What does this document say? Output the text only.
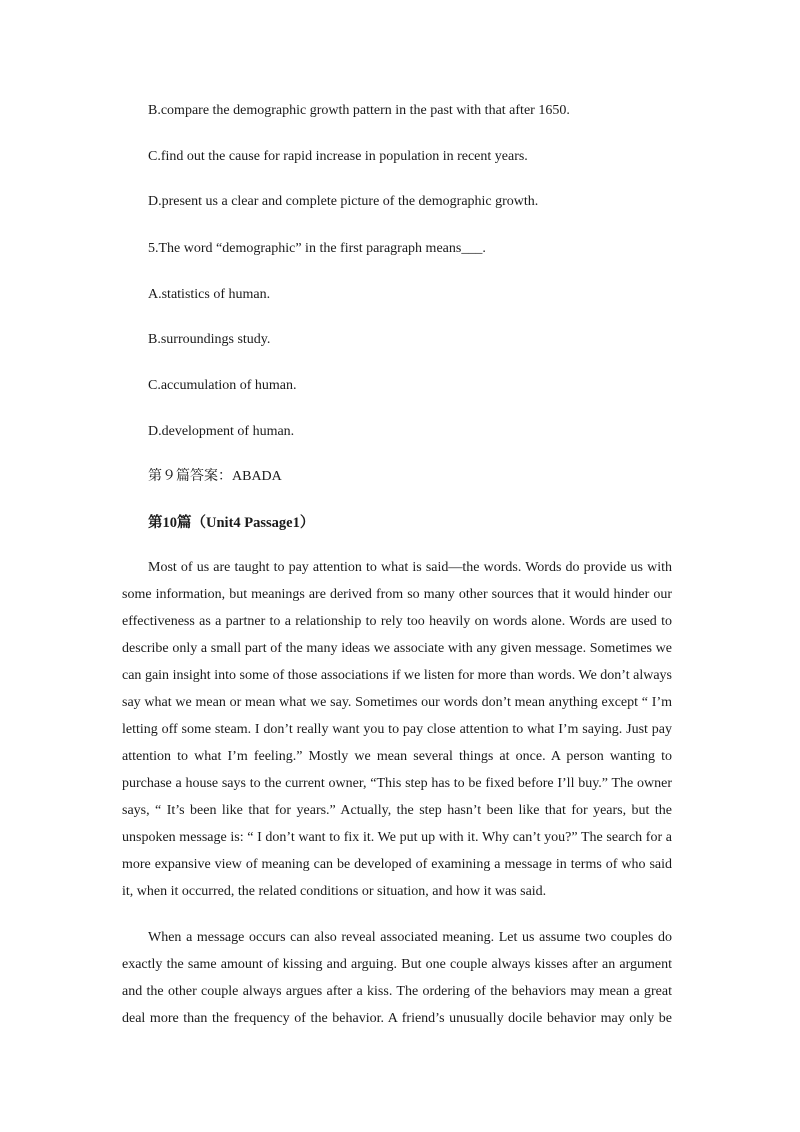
B.compare the demographic growth pattern in the past with that after 1650.
C.find out the cause for rapid increase in population in recent years.
D.present us a clear and complete picture of the demographic growth.
5.The word “demographic” in the first paragraph means___.
A.statistics of human.
B.surroundings study.
C.accumulation of human.
D.development of human.
第９篇答案：ABADA
第10篇（Unit4 Passage1）
Most of us are taught to pay attention to what is said—the words. Words do provide us with
some information, but meanings are derived from so many other sources that it would hinder our
effectiveness as a partner to a relationship to rely too heavily on words alone. Words are used to
describe only a small part of the many ideas we associate with any given message. Sometimes we
can gain insight into some of those associations if we listen for more than words. We don’t always
say what we mean or mean what we say. Sometimes our words don’t mean anything except “ I’m
letting off some steam. I don’t really want you to pay close attention to what I’m saying. Just pay
attention to what I’m feeling.” Mostly we mean several things at once. A person wanting to
purchase a house says to the current owner, “This step has to be fixed before I’ll buy.” The owner
says, “ It’s been like that for years.” Actually, the step hasn’t been like that for years, but the
unspoken message is: “ I don’t want to fix it. We put up with it. Why can’t you?” The search for a
more expansive view of meaning can be developed of examining a message in terms of who said
it, when it occurred, the related conditions or situation, and how it was said.
When a message occurs can also reveal associated meaning. Let us assume two couples do
exactly the same amount of kissing and arguing. But one couple always kisses after an argument
and the other couple always argues after a kiss. The ordering of the behaviors may mean a great
deal more than the frequency of the behavior. A friend’s unusually docile behavior may only be
